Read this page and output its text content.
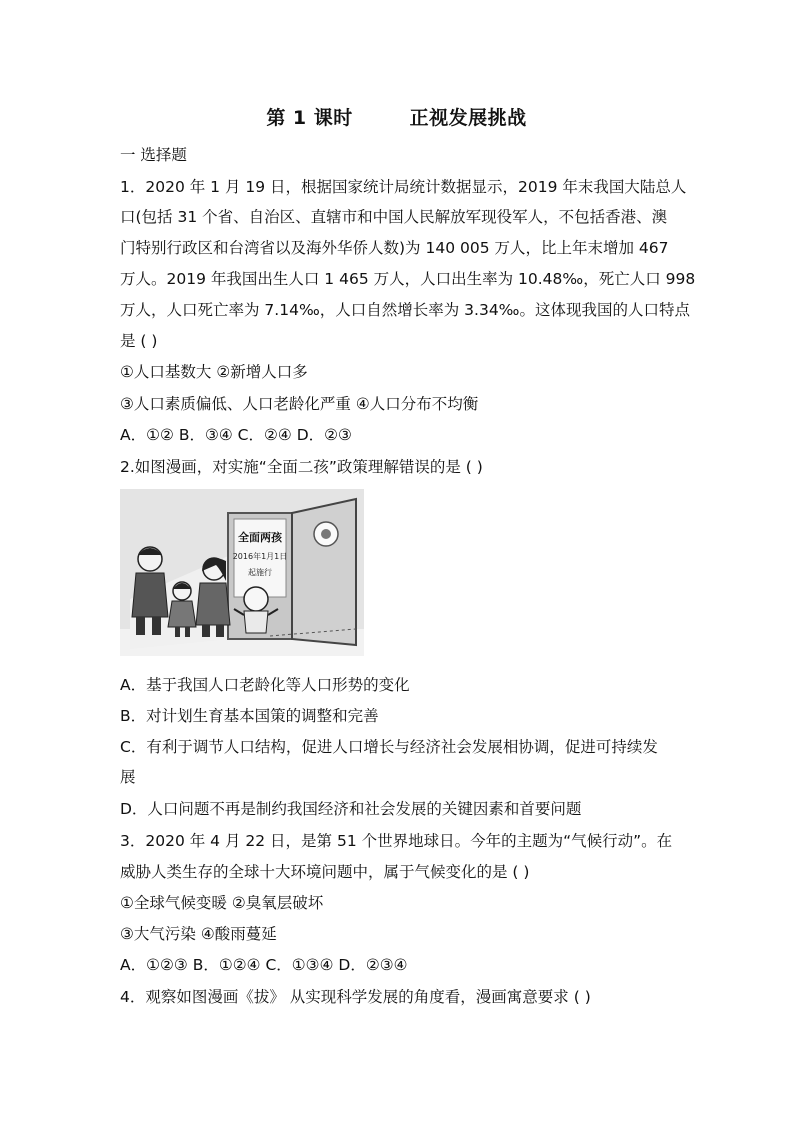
第 1 课时        正视发展挑战
一 选择题
1．2020 年 1 月 19 日，根据国家统计局统计数据显示，2019 年末我国大陆总人
口(包括 31 个省、自治区、直辖市和中国人民解放军现役军人，不包括香港、澳
门特别行政区和台湾省以及海外华侨人数)为 140 005 万人，比上年末增加 467
万人。2019 年我国出生人口 1 465 万人，人口出生率为 10.48‰，死亡人口 998
万人，人口死亡率为 7.14‰，人口自然增长率为 3.34‰。这体现我国的人口特点
是 ( )
①人口基数大 ②新增人口多
③人口素质偏低、人口老龄化严重 ④人口分布不均衡
A．①② B．③④ C．②④ D．②③
2.如图漫画，对实施“全面二孩”政策理解错误的是 ( )
全面两孩
2016年1月1日
起施行
A．基于我国人口老龄化等人口形势的变化
B．对计划生育基本国策的调整和完善
C．有利于调节人口结构，促进人口增长与经济社会发展相协调，促进可持续发
展
D．人口问题不再是制约我国经济和社会发展的关键因素和首要问题
3．2020 年 4 月 22 日，是第 51 个世界地球日。今年的主题为“气候行动”。在
威胁人类生存的全球十大环境问题中，属于气候变化的是 ( )
①全球气候变暖 ②臭氧层破坏
③大气污染 ④酸雨蔓延
A．①②③ B．①②④ C．①③④ D．②③④
4．观察如图漫画《拔》 从实现科学发展的角度看，漫画寓意要求 ( )
